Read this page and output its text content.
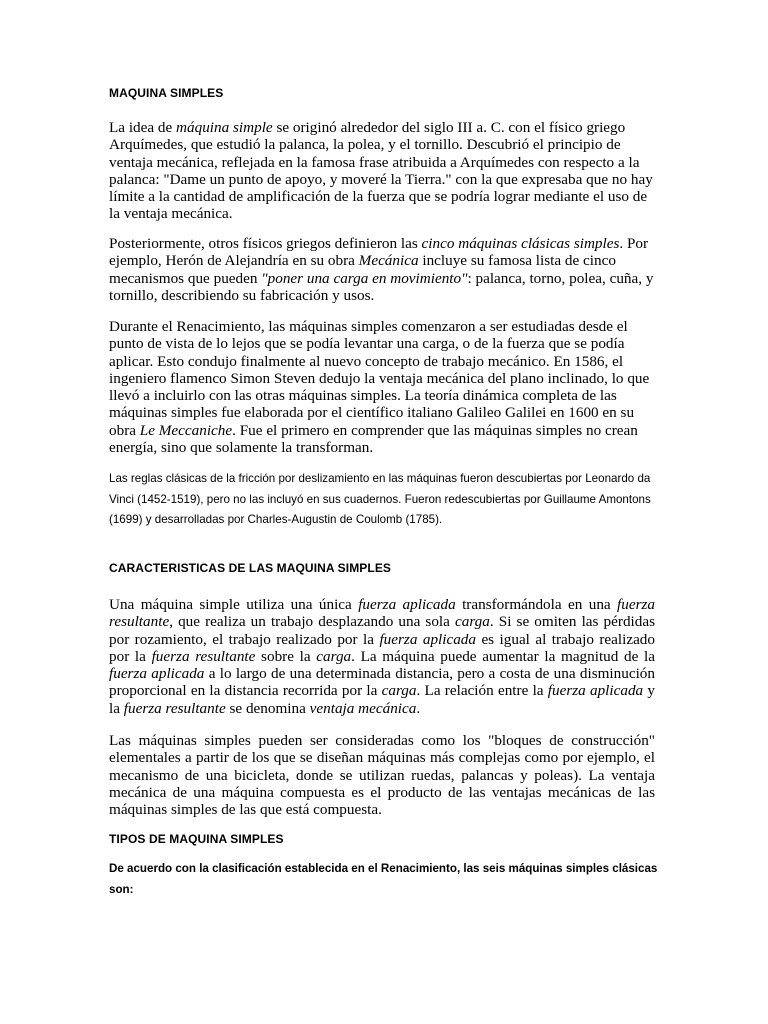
MAQUINA SIMPLES

La idea de máquina simple se originó alrededor del siglo III a. C. con el físico griego Arquímedes, que estudió la palanca, la polea, y el tornillo. Descubrió el principio de ventaja mecánica, reflejada en la famosa frase atribuida a Arquímedes con respecto a la palanca: "Dame un punto de apoyo, y moveré la Tierra." con la que expresaba que no hay límite a la cantidad de amplificación de la fuerza que se podría lograr mediante el uso de la ventaja mecánica.

Posteriormente, otros físicos griegos definieron las cinco máquinas clásicas simples. Por ejemplo, Herón de Alejandría en su obra Mecánica incluye su famosa lista de cinco mecanismos que pueden "poner una carga en movimiento": palanca, torno, polea, cuña, y tornillo, describiendo su fabricación y usos.

Durante el Renacimiento, las máquinas simples comenzaron a ser estudiadas desde el punto de vista de lo lejos que se podía levantar una carga, o de la fuerza que se podía aplicar. Esto condujo finalmente al nuevo concepto de trabajo mecánico. En 1586, el ingeniero flamenco Simon Steven dedujo la ventaja mecánica del plano inclinado, lo que llevó a incluirlo con las otras máquinas simples. La teoría dinámica completa de las máquinas simples fue elaborada por el científico italiano Galileo Galilei en 1600 en su obra Le Meccaniche. Fue el primero en comprender que las máquinas simples no crean energía, sino que solamente la transforman.

Las reglas clásicas de la fricción por deslizamiento en las máquinas fueron descubiertas por Leonardo da Vinci (1452-1519), pero no las incluyó en sus cuadernos. Fueron redescubiertas por Guillaume Amontons (1699) y desarrolladas por Charles-Augustin de Coulomb (1785).

CARACTERISTICAS DE LAS MAQUINA SIMPLES

Una máquina simple utiliza una única fuerza aplicada transformándola en una fuerza resultante, que realiza un trabajo desplazando una sola carga. Si se omiten las pérdidas por rozamiento, el trabajo realizado por la fuerza aplicada es igual al trabajo realizado por la fuerza resultante sobre la carga. La máquina puede aumentar la magnitud de la fuerza aplicada a lo largo de una determinada distancia, pero a costa de una disminución proporcional en la distancia recorrida por la carga. La relación entre la fuerza aplicada y la fuerza resultante se denomina ventaja mecánica.

Las máquinas simples pueden ser consideradas como los "bloques de construcción" elementales a partir de los que se diseñan máquinas más complejas como por ejemplo, el mecanismo de una bicicleta, donde se utilizan ruedas, palancas y poleas). La ventaja mecánica de una máquina compuesta es el producto de las ventajas mecánicas de las máquinas simples de las que está compuesta.

TIPOS DE MAQUINA SIMPLES

De acuerdo con la clasificación establecida en el Renacimiento, las seis máquinas simples clásicas son:
